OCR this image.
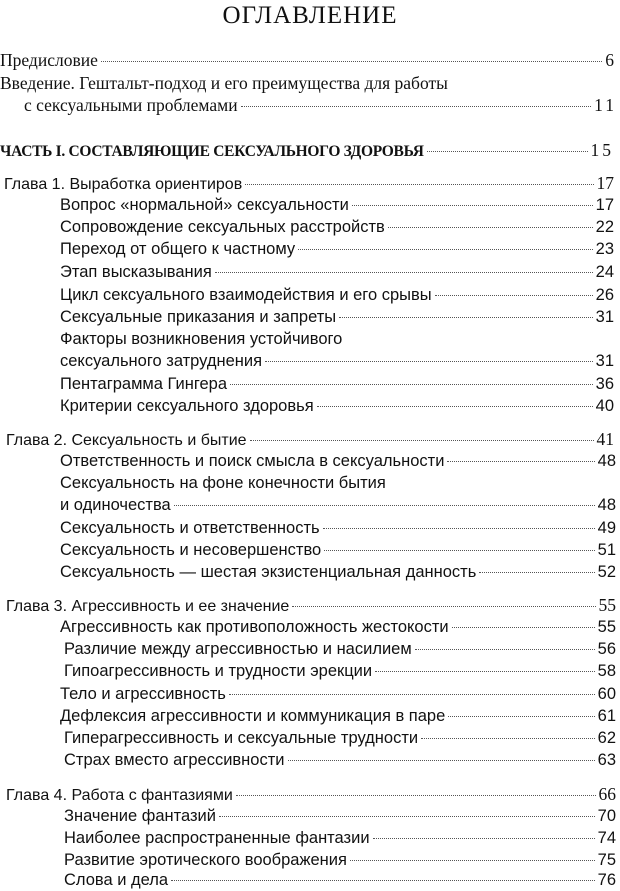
ОГЛАВЛЕНИЕ
Предисловие	6
Введение. Гештальт-подход и его преимущества для работы
с сексуальными проблемами	11
ЧАСТЬ I. СОСТАВЛЯЮЩИЕ СЕКСУАЛЬНОГО ЗДОРОВЬЯ	15
Глава 1. Выработка ориентиров	17
Вопрос «нормальной» сексуальности	17
Сопровождение сексуальных расстройств	22
Переход от общего к частному	23
Этап высказывания	24
Цикл сексуального взаимодействия и его срывы	26
Сексуальные приказания и запреты	31
Факторы возникновения устойчивого
сексуального затруднения	31
Пентаграмма Гингера	36
Критерии сексуального здоровья	40
Глава 2. Сексуальность и бытие	41
Ответственность и поиск смысла в сексуальности	48
Сексуальность на фоне конечности бытия
и одиночества	48
Сексуальность и ответственность	49
Сексуальность и несовершенство	51
Сексуальность — шестая экзистенциальная данность	52
Глава 3. Агрессивность и ее значение	55
Агрессивность как противоположность жестокости	55
Различие между агрессивностью и насилием	56
Гипоагрессивность и трудности эрекции	58
Тело и агрессивность	60
Дефлексия агрессивности и коммуникация в паре	61
Гиперагрессивность и сексуальные трудности	62
Страх вместо агрессивности	63
Глава 4. Работа с фантазиями	66
Значение фантазий	70
Наиболее распространенные фантазии	74
Развитие эротического воображения	75
Слова и дела	76
